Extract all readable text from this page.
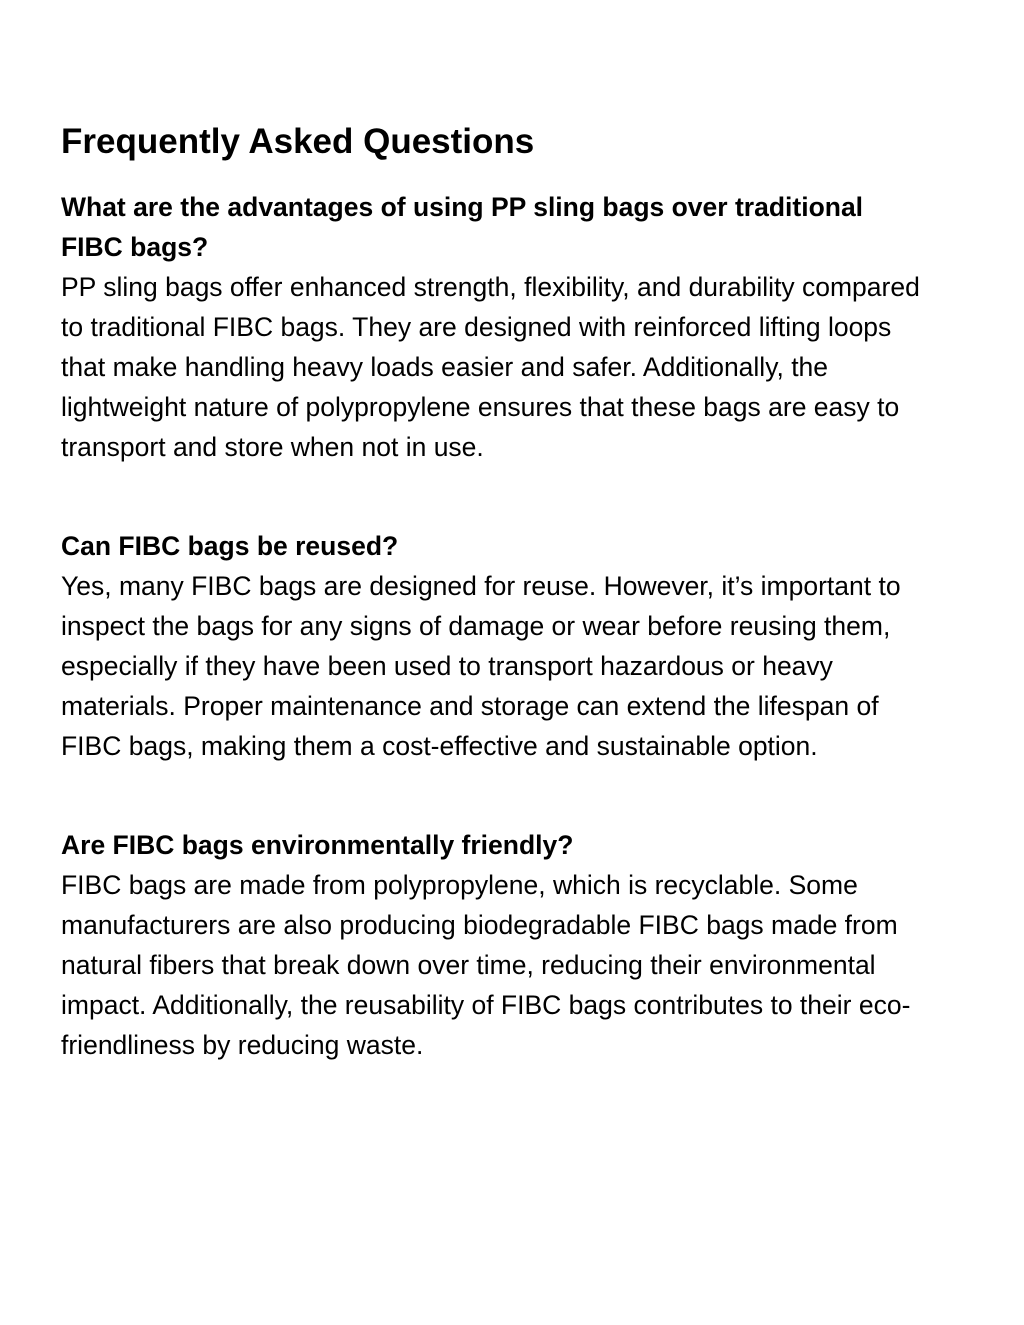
Frequently Asked Questions

What are the advantages of using PP sling bags over traditional FIBC bags?

PP sling bags offer enhanced strength, flexibility, and durability compared to traditional FIBC bags. They are designed with reinforced lifting loops that make handling heavy loads easier and safer. Additionally, the lightweight nature of polypropylene ensures that these bags are easy to transport and store when not in use.

Can FIBC bags be reused?

Yes, many FIBC bags are designed for reuse. However, it’s important to inspect the bags for any signs of damage or wear before reusing them, especially if they have been used to transport hazardous or heavy materials. Proper maintenance and storage can extend the lifespan of FIBC bags, making them a cost-effective and sustainable option.

Are FIBC bags environmentally friendly?

FIBC bags are made from polypropylene, which is recyclable. Some manufacturers are also producing biodegradable FIBC bags made from natural fibers that break down over time, reducing their environmental impact. Additionally, the reusability of FIBC bags contributes to their eco-friendliness by reducing waste.
